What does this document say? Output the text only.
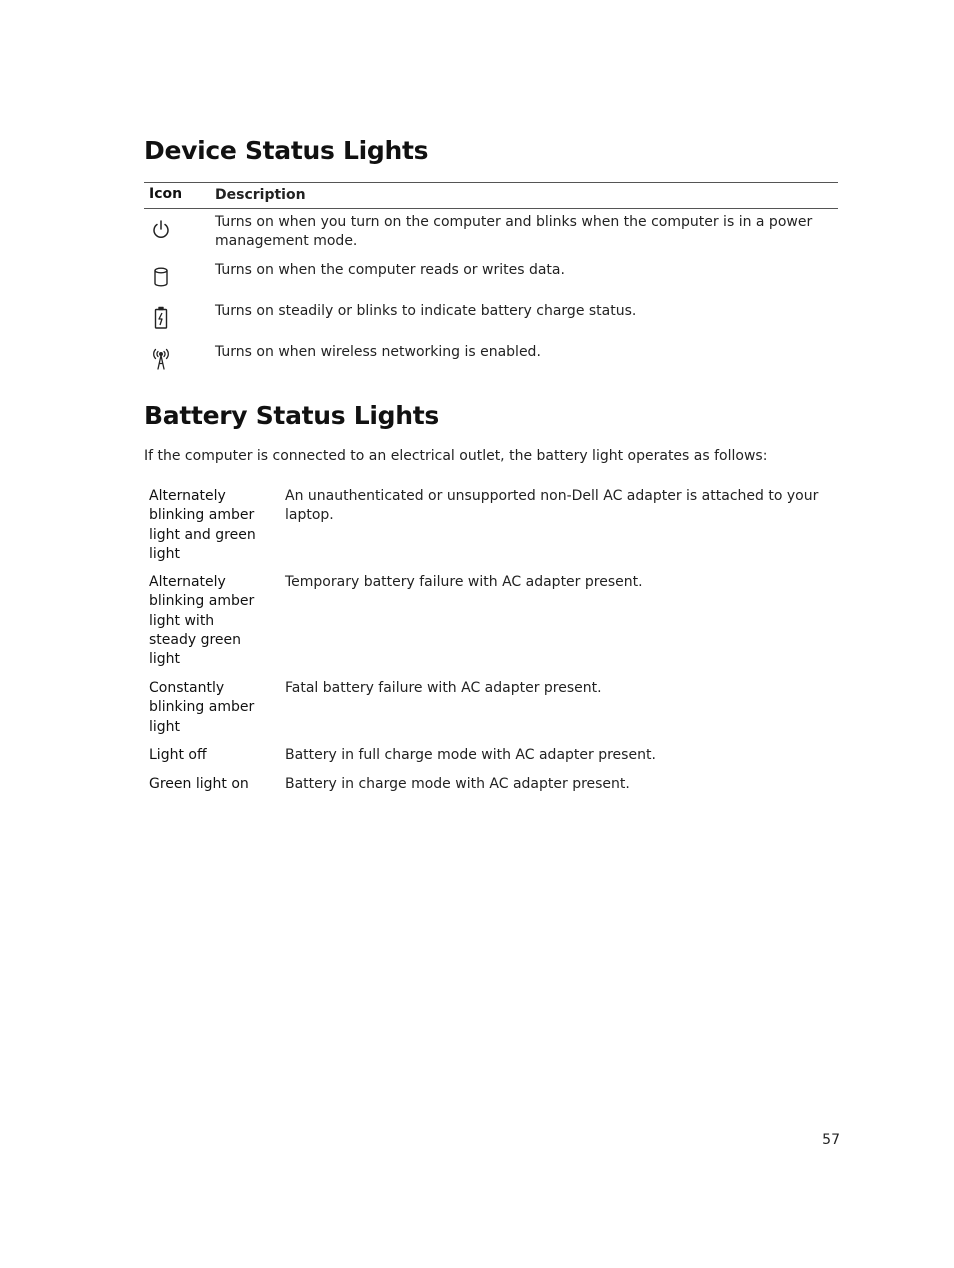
Device Status Lights
Icon Description
Turns on when you turn on the computer and blinks when the computer is in a power management mode.
Turns on when the computer reads or writes data.
Turns on steadily or blinks to indicate battery charge status.
Turns on when wireless networking is enabled.
Battery Status Lights
If the computer is connected to an electrical outlet, the battery light operates as follows:
Alternately blinking amber light and green light
An unauthenticated or unsupported non-Dell AC adapter is attached to your laptop.
Alternately blinking amber light with steady green light
Temporary battery failure with AC adapter present.
Constantly blinking amber light
Fatal battery failure with AC adapter present.
Light off	Battery in full charge mode with AC adapter present.
Green light on	Battery in charge mode with AC adapter present.
57
